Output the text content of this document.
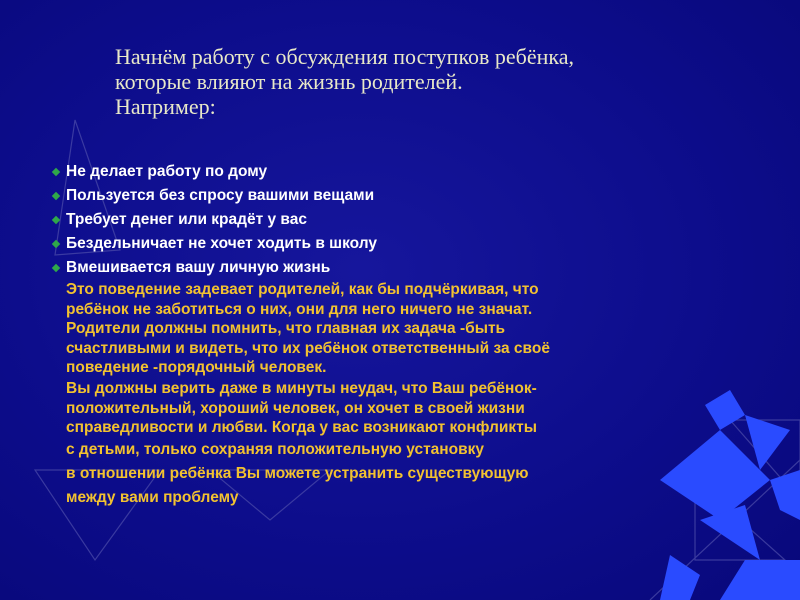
Начнём работу с обсуждения поступков ребёнка,
которые влияют на жизнь родителей.
Например:
Не делает работу по дому
Пользуется без спросу вашими вещами
Требует денег или крадёт у вас
Бездельничает не хочет ходить в школу
Вмешивается вашу личную жизнь
Это поведение задевает родителей, как бы подчёркивая, что
ребёнок не заботиться о них, они для него ничего не значат.
Родители должны помнить, что главная их задача -быть
счастливыми и видеть, что их ребёнок ответственный за своё
поведение -порядочный человек.
Вы должны верить даже в минуты неудач, что Ваш ребёнок-
положительный, хороший человек, он хочет в своей жизни
справедливости и любви. Когда у вас возникают конфликты
с детьми, только сохраняя положительную установку
в отношении ребёнка Вы можете устранить существующую
между вами проблему
